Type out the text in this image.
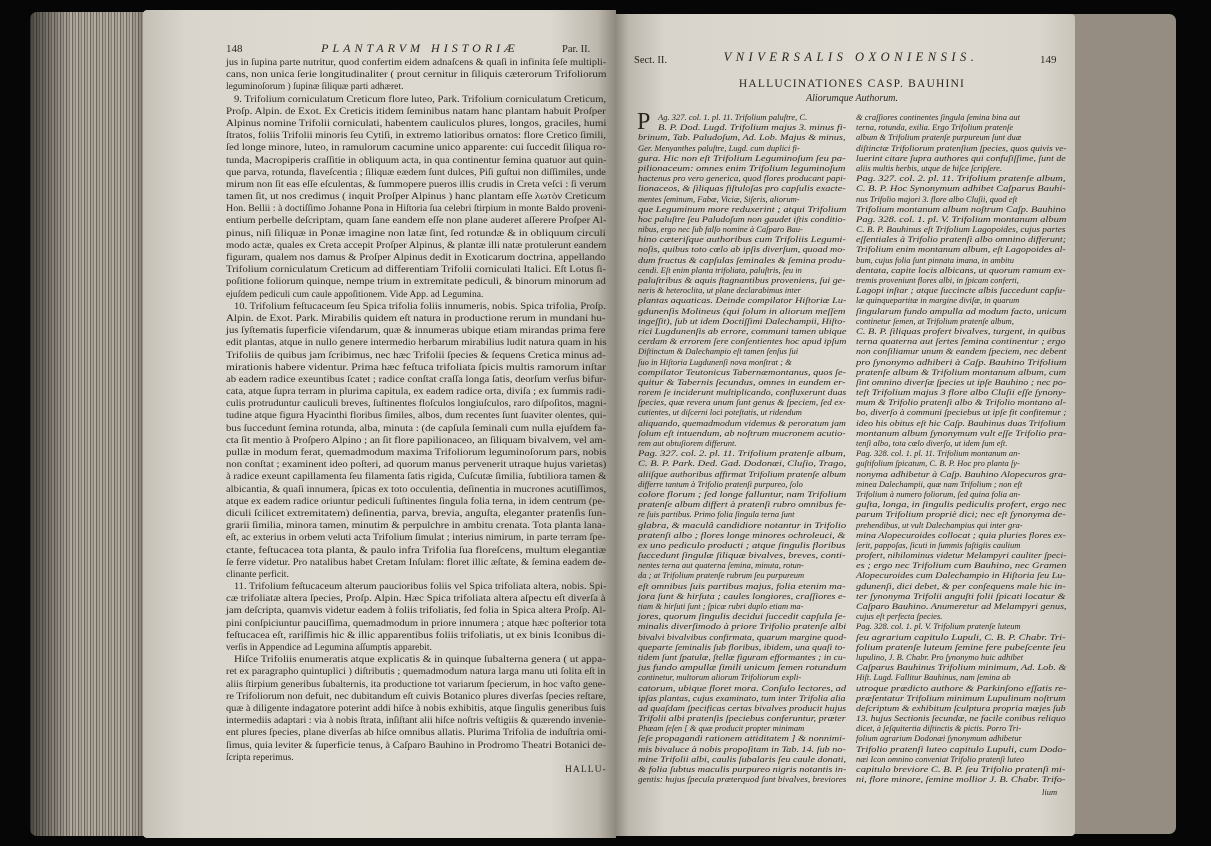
148	PLANTARVM HISTORIÆ	Par. II.
jus in ſupina parte nutritur, quod confertim eidem adnaſcens & quaſi in infinita ſeſe multipli-
cans, non unica ſerie longitudinaliter ( prout cernitur in ſiliquis cæterorum Trifoliorum
leguminoſorum ) ſupinæ ſiliquæ parti adhæret.
9. Trifolium corniculatum Creticum flore luteo, Park. Trifolium corniculatum Creticum,
Proſp. Alpin. de Exot. Ex Creticis itidem ſeminibus natam hanc plantam habuit Proſper
Alpinus nomine Trifolii corniculati, habentem cauliculos plures, longos, graciles, humi
ſtratos, foliis Trifolii minoris ſeu Cytiſi, in extremo latioribus ornatos: flore Cretico ſimili,
ſed longe minore, luteo, in ramulorum cacumine unico apparente: cui ſuccedit ſiliqua ro-
tunda, Macropiperis craſſitie in obliquum acta, in qua continentur ſemina quatuor aut quin-
que parva, rotunda, flaveſcentia ; ſiliquæ eædem ſunt dulces, Piſi guſtui non diſſimiles, unde
mirum non ſit eas eſſe eſculentas, & ſummopere pueros illis crudis in Creta veſci : ſi verum
tamen ſit, ut nos credimus ( inquit Proſper Alpinus ) hanc plantam eſſe λωτὸν Creticum
Hon. Bellii : à doctiſſimo Johanne Pona in Hiſtoria ſua celebri ſtirpium in monte Baldo proveni-
entium perbelle deſcriptam, quam ſane eandem eſſe non plane auderet aſſerere Proſper Al-
pinus, niſi ſiliquæ in Ponæ imagine non latæ ſint, ſed rotundæ & in obliquum circuli
modo actæ, quales ex Creta accepit Proſper Alpinus, & plantæ illi natæ protulerunt eandem
figuram, qualem nos damus & Proſper Alpinus dedit in Exoticarum doctrina, appellando
Trifolium corniculatum Creticum ad differentiam Trifolii corniculati Italici. Eſt Lotus ſi-
poſitione foliorum quinque, nempe trium in extremitate pediculi, & binorum minorum ad
ejuſdem pediculi cum caule appoſitionem. Vide App. ad Legumina.
10. Trifolium feſtucaceum ſeu Spica trifolia foliis innumeris, nobis. Spica trifolia, Proſp.
Alpin. de Exot. Park. Mirabilis quidem eſt natura in productione rerum in mundani hu-
jus ſyſtematis ſuperficie viſendarum, quæ & innumeras ubique etiam mirandas prima fere
edit plantas, atque in nullo genere intermedio herbarum mirabilius ludit natura quam in his
Trifoliis de quibus jam ſcribimus, nec hæc Trifolii ſpecies & ſequens Cretica minus ad-
mirationis habere videntur. Prima hæc feſtuca trifoliata ſpicis multis ramorum inſtar
ab eadem radice exeuntibus ſcatet ; radice conſtat craſſa longa ſatis, deorſum verſus bifur-
cata, atque ſupra terram in plurima capitula, ex eadem radice orta, diviſa ; ex ſummis radi-
culis protruduntur cauliculi breves, ſuſtinentes floſculos longiuſculos, raro diſpoſitos, magni-
tudine atque figura Hyacinthi floribus ſimiles, albos, dum recentes ſunt ſuaviter olentes, qui-
bus ſuccedunt ſemina rotunda, alba, minuta : (de capſula ſeminali cum nulla ejuſdem fa-
cta ſit mentio à Proſpero Alpino ; an ſit flore papilionaceo, an ſiliquam bivalvem, vel am-
pullæ in modum ferat, quemadmodum maxima Trifoliorum leguminoſorum pars, nobis
non conſtat ; examinent ideo poſteri, ad quorum manus pervenerit utraque hujus varietas)
à radice exeunt capillamenta ſeu filamenta ſatis rigida, Cuſcutæ ſimilia, ſubtiliora tamen &
albicantia, & quaſi innumera, ſpicas ex toto occulentia, deſinentia in mucrones acutiſſimos,
atque ex eadem radice oriuntur pediculi ſuſtinentes ſingula folia terna, in idem centrum (pe-
diculi ſcilicet extremitatem) deſinentia, parva, brevia, anguſta, eleganter pratenſis ſun-
grarii ſimilia, minora tamen, minutim & perpulchre in ambitu crenata. Tota planta lana-
eſt, ac exterius in orbem veluti acta Trifolium ſimulat ; interius nimirum, in parte terram ſpe-
ctante, feſtucacea tota planta, & paulo infra Trifolia ſua floreſcens, multum elegantiæ
ſe ferre videtur. Pro natalibus habet Cretam Inſulam: floret illic æſtate, & ſemina eadem de-
clinante perficit.
11. Trifolium feſtucaceum alterum paucioribus foliis vel Spica trifoliata altera, nobis. Spi-
cæ trifoliatæ altera ſpecies, Proſp. Alpin. Hæc Spica trifoliata altera aſpectu eſt diverſa à
jam deſcripta, quamvis videtur eadem à foliis trifoliatis, ſed folia in Spica altera Proſp. Al-
pini conſpiciuntur pauciſſima, quemadmodum in priore innumera ; atque hæc poſterior tota
feſtucacea eſt, rariſſimis hic & illic apparentibus foliis trifoliatis, ut ex binis Iconibus di-
verſis in Appendice ad Legumina aſſumptis apparebit.
Hiſce Trifoliis enumeratis atque explicatis & in quinque ſubalterna genera ( ut appa-
ret ex paragrapho quintuplici ) diſtributis ; quemadmodum natura larga manu uti ſolita eſt in
aliis ſtirpium generibus ſubalternis, ita productione tot variarum ſpecierum, in hoc vaſto gene-
re Trifoliorum non defuit, nec dubitandum eſt cuivis Botanico plures diverſas ſpecies reſtare,
quæ à diligente indagatore poterint addi hiſce à nobis exhibitis, atque ſingulis generibus ſuis
intermediis adaptari : via à nobis ſtrata, inſiſtant alii hiſce noſtris veſtigiis & quærendo invenie-
ent plures ſpecies, plane diverſas ab hiſce omnibus allatis. Plurima Trifolia de induſtria omi-
ſimus, quia leviter & ſuperficie tenus, à Caſparo Bauhino in Prodromo Theatri Botanici de-
ſcripta reperimus.
HALLU-
Sect. II.	VNIVERSALIS OXONIENSIS.	149
HALLUCINATIONES CASP. BAUHINI
Aliorumque Authorum.
P Ag. 327. col. 1. pl. 11. Trifolium paluſtre, C.
B. P. Dod. Lugd. Trifolium majus 3. minus fi-
brinum, Tab. Paludoſum, Ad. Lob. Majus & minus,
Ger. Menyanthes paluſtre, Lugd. cum duplici fi-
gura. Hic non eſt Trifolium Leguminoſum ſeu pa-
pilionaceum: omnes enim Trifolium leguminoſum
hactenus pro vero generica, quod flores producant papi-
lionaceos, & ſiliquas fiſtuloſas pro capſulis exacte-
mentes ſeminum, Fabæ, Viciæ, Siſeris, aliorum-
que Leguminum more reduxerint ; atqui Trifolium
hoc paluſtre ſeu Paludoſum non gaudet iſtis conditio-
nibus, ergo nec ſub falſo nomine à Caſparo Bau-
hino cæteriſque authoribus cum Trifoliis Legumi-
noſis, quibus toto cœlo ab ipſis diverſum, quoad mo-
dum fructus & capſulas ſeminales & ſemina produ-
cendi. Eſt enim planta trifoliata, paluſtris, ſeu in
paluſtribus & aquis ſtagnantibus proveniens, ſui ge-
neris & heteroclita, ut plane declarabimus inter
plantas aquaticas. Deinde compilator Hiſtoriæ Lu-
gdunenſis Molineus (qui ſolum in aliorum meſſem
ingeſſit), ſub ut idem Doctiſſimi Dalechampii, Hiſto-
rici Lugdunenſis ab errore, communi tamen ubique
cerdam & errorem ſere conſentientes hoc apud ipſum
Diſtinctum & Dalechampio eſt tamen ſenſus ſui
ſuo in Hiſtoria Lugdunenſi nova monſtrat ; &
compilator Teutonicus Tabernæmontanus, quos ſe-
quitur & Tabernis ſecundus, omnes in eundem er-
rorem ſe inciderunt multiplicando, confluxerunt duas
ſpecies, quæ revera unum ſunt genus & ſpeciem, ſed ex-
cutientes, ut diſcerni loci poteſtatis, ut ridendum
aliquando, quemadmodum videmus & peroratum jam
ſolum eſt intuendum, ab noſtrum mucronem acutio-
rem aut obtuſiorem differunt.
Pag. 327. col. 2. pl. 11. Trifolium pratenſe album,
C. B. P. Park. Ded. Gad. Dodonæi, Cluſio, Trago,
aliiſque authoribus affirmat Trifolium pratenſe album
differre tantum à Trifolio pratenſi purpureo, ſolo
colore florum ; ſed longe falluntur, nam Trifolium
pratenſe album differt à pratenſi rubro omnibus fe-
re ſuis partibus. Primo folia ſingula terna ſunt
glabra, & maculâ candidiore notantur in Trifolio
pratenſi albo ; flores longe minores ochroleuci, &
ex uno pediculo producti ; atque ſingulis floribus
ſuccedunt ſingulæ ſiliquæ bivalves, breves, conti-
nentes terna aut quaterna ſemina, minuta, rotun-
da ; at Trifolium pratenſe rubrum ſeu purpureum
eſt omnibus ſuis partibus majus, folia etenim ma-
jora ſunt & hirſuta ; caules longiores, craſſiores e-
tiam & hirſuti ſunt ; ſpicæ rubri duplo etiam ma-
jores, quorum ſingulis decidui ſuccedit capſula ſe-
minalis diverſimodo à priore Trifolio pratenſe albi
bivalvi bivalvibus confirmata, quarum margine quod-
queparte ſeminalis ſub floribus, ibidem, una quaſi to-
tidem ſunt ſpatulæ, ſtellæ figuram efformantes ; in cu-
jus fundo ampullæ ſimili unicum ſemen rotundum
continetur, multorum aliorum Trifoliorum expli-
catorum, ubique floret mora. Conſulo lectores, ad
ipſas plantas, cujus examinato, tum inter Trifolia alia
ad quaſdam ſpecificas certas bivalves producit hujus
Trifolii albi pratenſis ſpeciebus conferuntur, præter
Phæam ſeſen [ & quæ producit propter minimam
ſeſe propagandi rationem attiditatem ] & nonnimi-
mis bivaluce à nobis propoſitam in Tab. 14. ſub no-
mine Trifolii albi, caulis ſubalaris ſeu caule donati,
& folia ſubtus maculis purpureo nigris notantis in-
gentis: hujus ſpecula præterquod ſunt bivalves, breviores
& craſſiores continentes ſingula ſemina bina aut
terna, rotunda, exilia. Ergo Trifolium pratenſe
album & Trifolium pratenſe purpureum ſunt duæ
diſtinctæ Trifoliorum pratenſium ſpecies, quos quivis ve-
luerint citare ſupra authores qui confuſiſſime, ſunt de
aliis multis herbis, utque de hiſce ſcripſere.
Pag. 327. col. 2. pl. 11. Trifolium pratenſe album,
C. B. P. Hoc Synonymum adhibet Caſparus Bauhi-
nus Trifolio majori 3. flore albo Cluſii, quod eſt
Trifolium montanum album noſtrum Caſp. Bauhino
Pag. 328. col. 1. pl. V. Trifolium montanum album
C. B. P. Bauhinus eſt Trifolium Lagopoides, cujus partes
eſſentiales à Trifolio pratenſi albo omnino differunt;
Trifolium enim montanum album, eſt Lagopoides al-
bum, cujus folia ſunt pinnata imana, in ambitu
dentata, capite locis albicans, ut quorum ramum ex-
tremis proveniunt flores albi, in ſpicam conferti,
Lagopi inſtar ; atque ſuccincte albis ſuccedunt capſu-
læ quinquepartitæ in margine diviſæ, in quarum
ſingularum fundo ampulla ad modum facto, unicum
continetur ſemen, at Trifolium pratenſe album,
C. B. P. ſiliquas profert bivalves, turgent, in quibus
terna quaterna aut ſertes ſemina continentur ; ergo
non conſiliamur unum & eandem ſpeciem, nec debent
pro ſynonymo adhiberi à Caſp. Bauhino Trifolium
pratenſe album & Trifolium montanum album, cum
ſint omnino diverſæ ſpecies ut ipſe Bauhino ; nec po-
teſt Trifolium majus 3 flore albo Cluſii eſſe ſynony-
mum & Trifolio pratenſi albo & Trifolio montano al-
bo, diverſo à communi ſpeciebus ut ipſe fit confitemur ;
ideo his obitus eſt hic Caſp. Bauhinus duas Trifolium
montanum album ſynonymum vult eſſe Trifolio pra-
tenſi albo, tota cœlo diverſo, ut idem ſum eſt.
Pag. 328. col. 1. pl. 11. Trifolium montanum an-
guſtifolium ſpicatum, C. B. P. Hoc pro planta ſy-
nonyma adhibetur à Caſp. Bauhino Alopecuros gra-
minea Dalechampii, quæ nam Trifolium ; non eſt
Trifolium à numero foliorum, ſed quina folia an-
guſta, longa, in ſingulis pediculis profert, ergo nec
parum Trifolium propriè dici; nec eſt ſynonyma de-
prehendibus, ut vult Dalechampius qui inter gra-
mina Alopecuroides collocat ; quia pluries flores ex-
ſerit, pappoſas, ſicuti in ſummis faſtigiis caulium
profert, nihilominus videtur Melampyri cauliter ſpeci-
es ; ergo nec Trifolium cum Bauhino, nec Gramen
Alopecuroides cum Dalechampio in Hiſtoria ſeu Lu-
gdunenſi, dici debet, & per conſequens male hic in-
ter ſynonyma Trifolii anguſti folii ſpicati locatur &
Caſparo Bauhino. Anumeretur ad Melampyri genus,
cujus eſt perfecta ſpecies.
Pag. 328. col. 1. pl. V. Trifolium pratenſe luteum
ſeu agrarium capitulo Lupuli, C. B. P. Chabr. Tri-
folium pratenſe luteum ſemine fere pubeſcente ſeu
lupulino, J. B. Chabr. Pro ſynonymo huic adhibet
Caſparus Bauhinus Trifolium minimum, Ad. Lob. &
Hiſt. Lugd. Fallitur Bauhinus, nam ſemina ab
utroque prædicto authore & Parkinſono eſſatis re-
præſentatur Trifolium minimum Lupulinum noſtrum
deſcriptum & exhibitum ſculptura propria mæjes ſub
13. hujus Sectionis ſecundæ, ne facile conibus reliquo
dicet, à ſeſquitertia diſtinctis & pictis. Porro Tri-
folium agrarium Dodonæi ſynonymum adhibetur
Trifolio pratenſi luteo capitulo Lupuli, cum Dodo-
næi Icon omnino conveniat Trifolio pratenſi luteo
capitulo breviore C. B. P. ſeu Trifolio pratenſi mi-
ni, flore minore, ſemine mollior J. B. Chabr. Trifo-
lium
